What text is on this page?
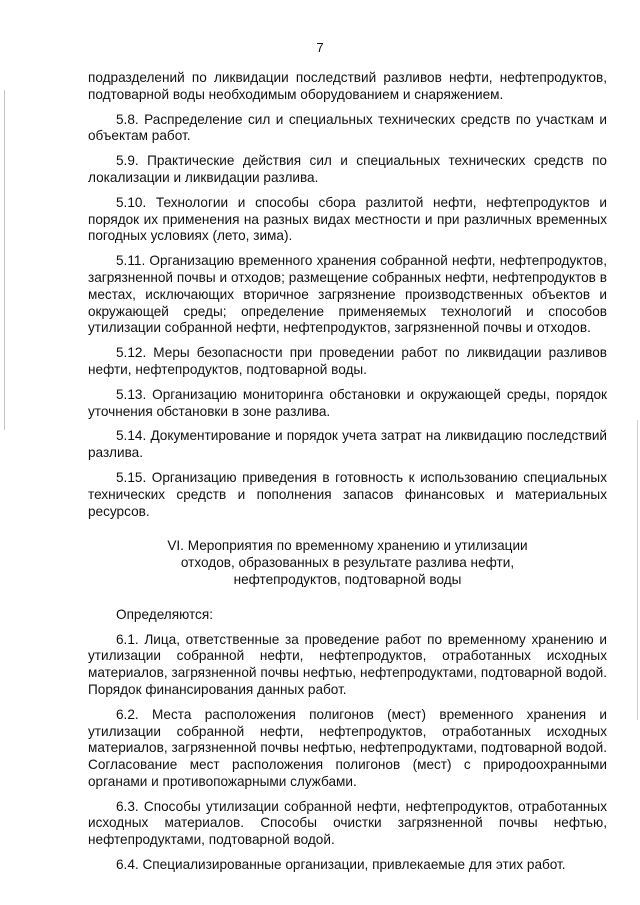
7

подразделений по ликвидации последствий разливов нефти, нефтепродуктов, подтоварной воды необходимым оборудованием и снаряжением.

5.8. Распределение сил и специальных технических средств по участкам и объектам работ.

5.9. Практические действия сил и специальных технических средств по локализации и ликвидации разлива.

5.10. Технологии и способы сбора разлитой нефти, нефтепродуктов и порядок их применения на разных видах местности и при различных временных погодных условиях (лето, зима).

5.11. Организацию временного хранения собранной нефти, нефтепродуктов, загрязненной почвы и отходов; размещение собранных нефти, нефтепродуктов в местах, исключающих вторичное загрязнение производственных объектов и окружающей среды; определение применяемых технологий и способов утилизации собранной нефти, нефтепродуктов, загрязненной почвы и отходов.

5.12. Меры безопасности при проведении работ по ликвидации разливов нефти, нефтепродуктов, подтоварной воды.

5.13. Организацию мониторинга обстановки и окружающей среды, порядок уточнения обстановки в зоне разлива.

5.14. Документирование и порядок учета затрат на ликвидацию последствий разлива.

5.15. Организацию приведения в готовность к использованию специальных технических средств и пополнения запасов финансовых и материальных ресурсов.

VI. Мероприятия по временному хранению и утилизации
отходов, образованных в результате разлива нефти,
нефтепродуктов, подтоварной воды

Определяются:

6.1. Лица, ответственные за проведение работ по временному хранению и утилизации собранной нефти, нефтепродуктов, отработанных исходных материалов, загрязненной почвы нефтью, нефтепродуктами, подтоварной водой. Порядок финансирования данных работ.

6.2. Места расположения полигонов (мест) временного хранения и утилизации собранной нефти, нефтепродуктов, отработанных исходных материалов, загрязненной почвы нефтью, нефтепродуктами, подтоварной водой. Согласование мест расположения полигонов (мест) с природоохранными органами и противопожарными службами.

6.3. Способы утилизации собранной нефти, нефтепродуктов, отработанных исходных материалов. Способы очистки загрязненной почвы нефтью, нефтепродуктами, подтоварной водой.

6.4. Специализированные организации, привлекаемые для этих работ.
